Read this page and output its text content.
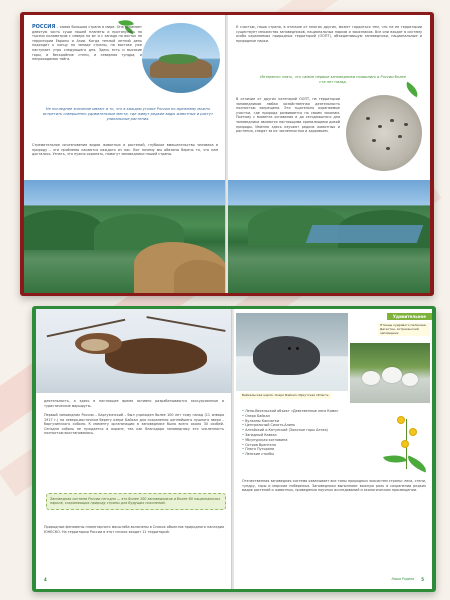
РОССИЯ – самая большая страна в мире. Она занимает девятую часть суши нашей планеты и протянулась на тысячи километров с севера на юг и с запада на восток на территории Европы и Азии. Когда теплый летний день подходит к концу на западе страны, на востоке уже наступает утро следующего дня. Здесь есть и высокие горы, и бескрайние степи, и северная тундра, и непроходимая тайга.
Не последнее значение имеют и то, что в каждом уголке России по-прежнему можно встретить совершенно удивительные места, где живут редкие виды животных и растут уникальные растения.
Стремительное исчезновение видов животных и растений, глубокое вмешательство человека в природу – эти проблемы касаются каждого из нас. Вот почему мы обязаны беречь то, что нам досталось. Узнать, что нужно охранять, помогут заповедники нашей страны.
К счастью, наша страна, в отличие от многих других, может гордиться тем, что на ее территории существует множество заповедников, национальных парков и заказников. Все они входят в систему особо охраняемых природных территорий (ООПТ), объединяющую заповедники, национальные и природные парки.
Интересно знать, что самые первые заповедники появились в России более ста лет назад.
В отличие от других категорий ООПТ, на территории заповедников любая хозяйственная деятельность полностью запрещена. Это тщательно охраняемые участки, где природа развивается по своим законам. Поэтому с момента основания и до сегодняшнего дня заповедники являются настоящими хранилищами дикой природы. Именно здесь изучают редких животных и растения, следят за их численностью и здоровьем.
деятельность, а здесь в настоящее время активно разрабатываются экскурсионные и туристические маршруты.
Первый заповедник России – Баргузинский – был учрежден более 100 лет тому назад (11 января 1917 г.) на северо-восточном берегу озера Байкал для сохранения ценнейшего пушного зверя – баргузинского соболя. К моменту организации в заповеднике было всего около 30 особей. Сегодня соболь не нуждается в охране, так как благодаря заповеднику его численность полностью восстановилась.
Заповедная система России сегодня — это более 100 заповедников и более 60 национальных парков, сохраняющих природу страны для будущих поколений.
Природные феномены планетарного масштаба включены в Список объектов природного наследия ЮНЕСКО. На территории России в этот список входят 11 территорий.
4
Удивительное
Птенцы кудрявого пеликана. Дагестан, Астраханский заповедник
Байкальская нерпа. Озеро Байкал, Иркутская область
• Лена-Весельский объект «Девственные леса Коми»
• Озеро Байкал
• Вулканы Камчатки
• Центральный Сихотэ-Алинь
• Алтайский и Катунский (Золотые горы Алтая)
• Западный Кавказ
• Убсунурская котловина
• Остров Врангеля
• Плато Путорана
• Ленские столбы
Отечественная заповедная система охватывает все типы природных экосистем страны: леса, степи, тундру, горы и морские побережья. Заповедники выполняют важную роль в сохранении редких видов растений и животных, проведении научных исследований и экологическом просвещении.
Наша Родина 5
